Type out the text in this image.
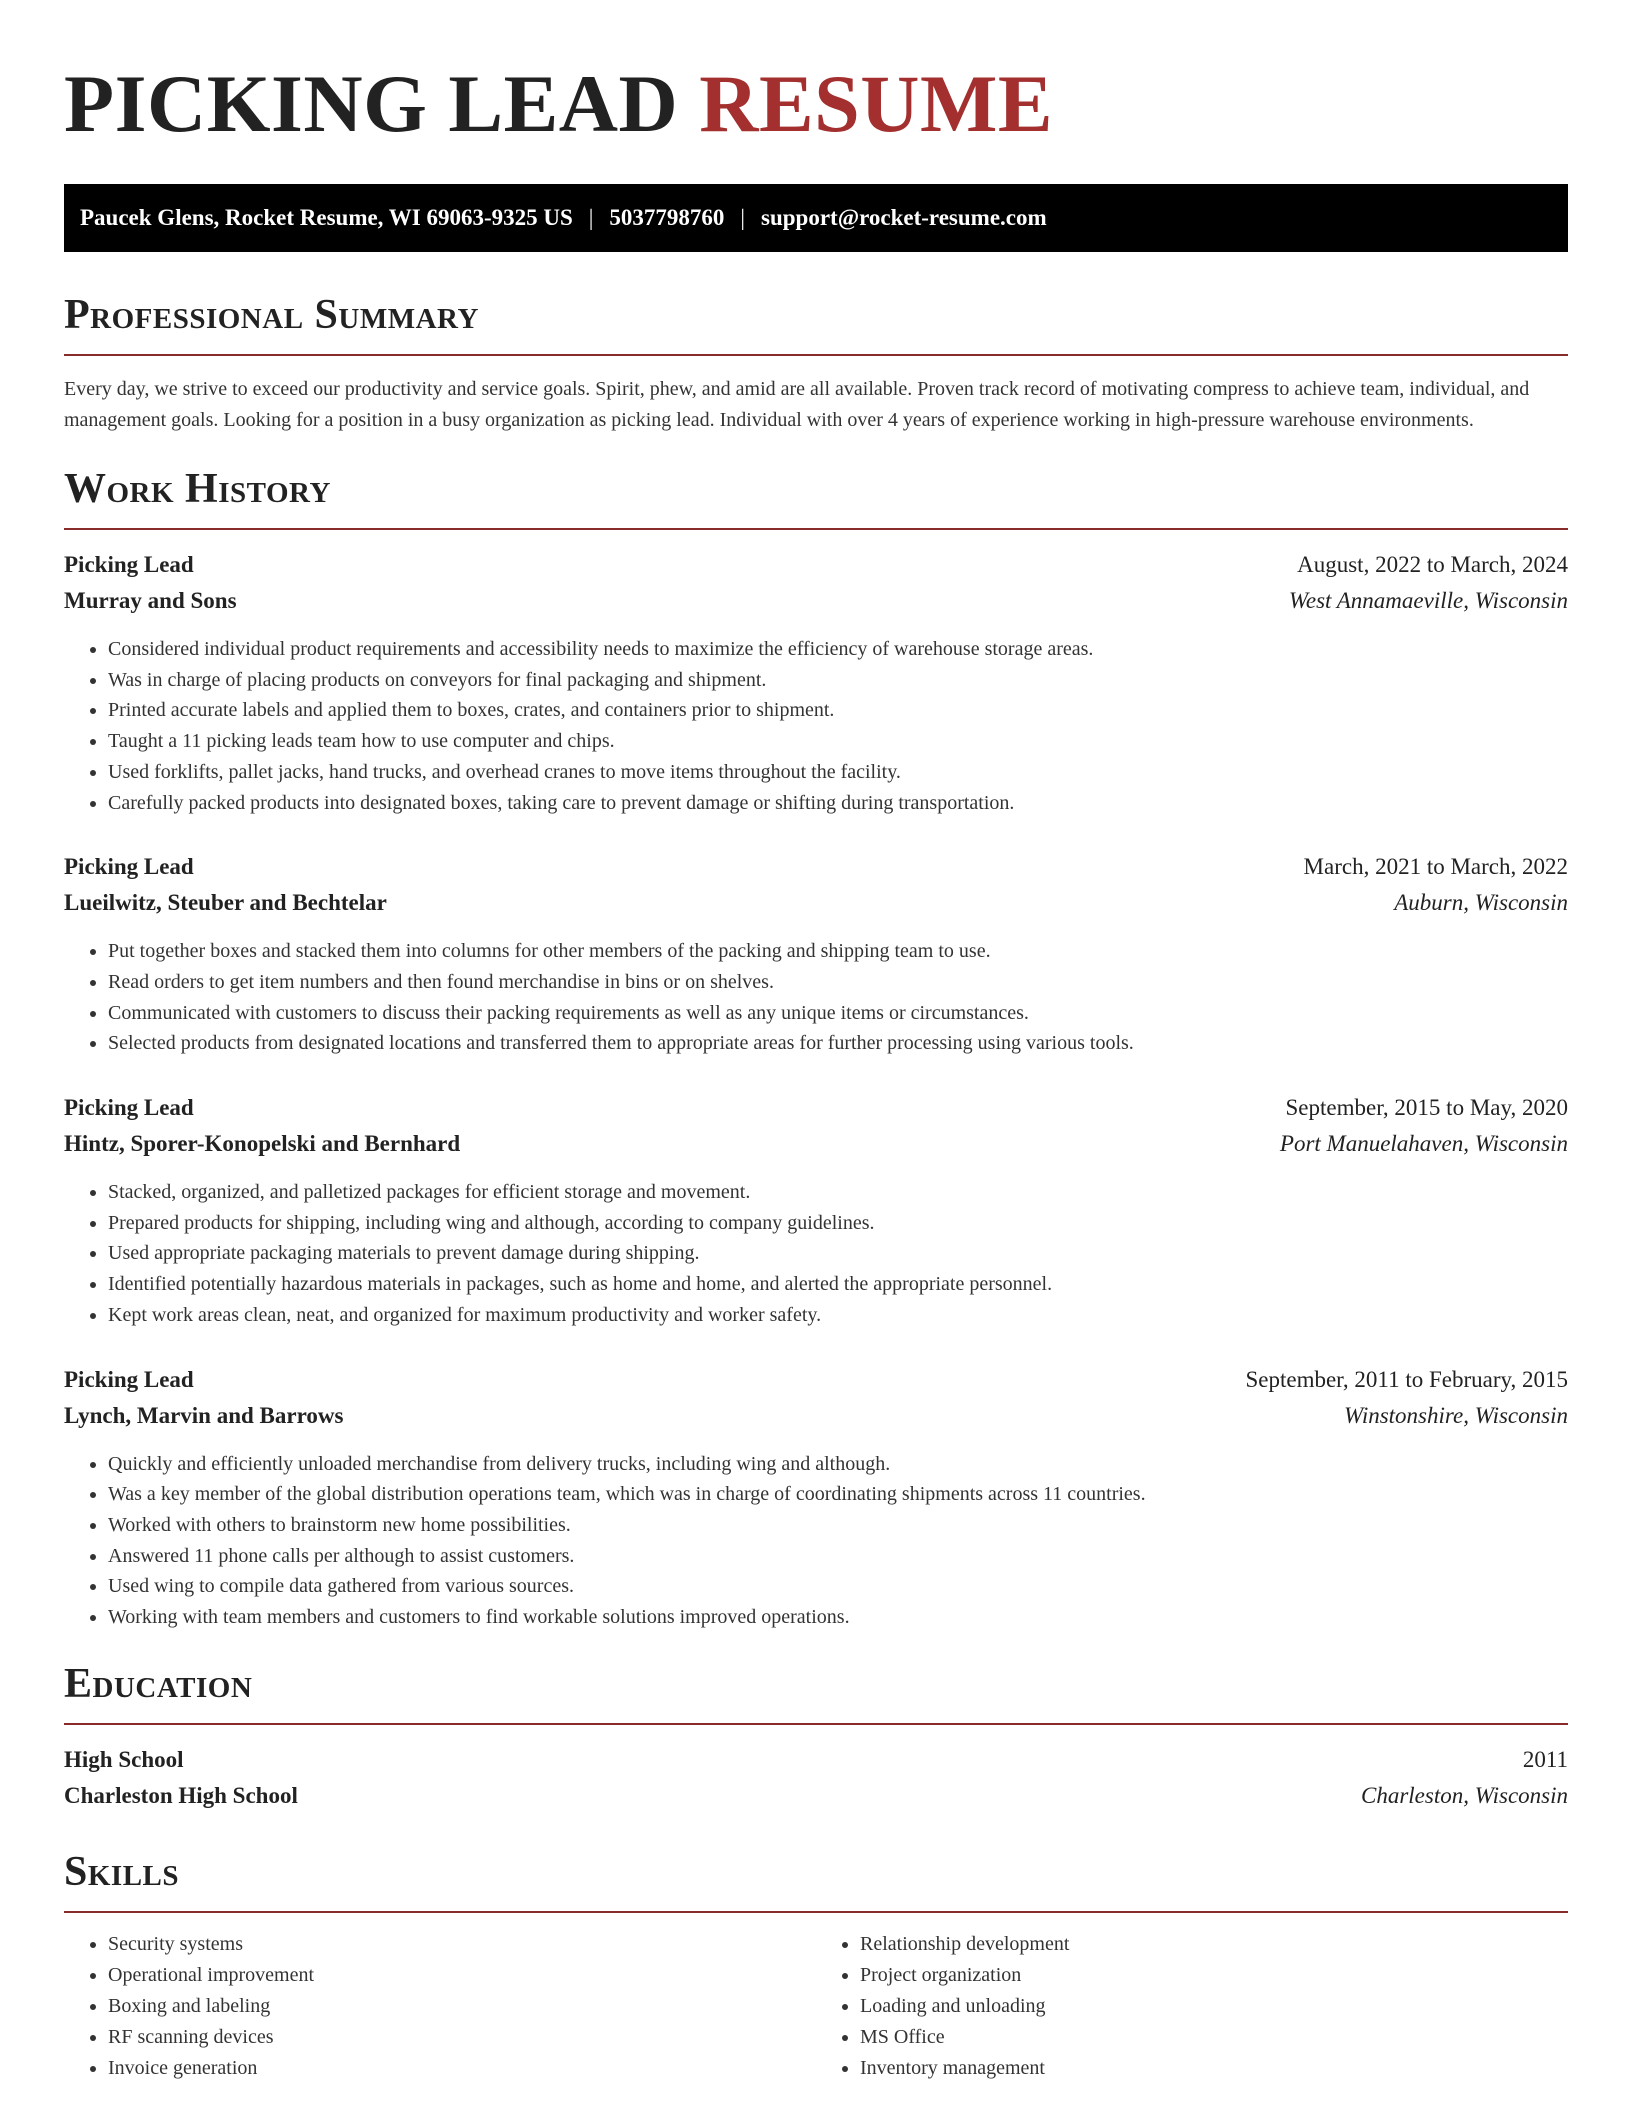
PICKING LEAD RESUME
Paucek Glens, Rocket Resume, WI 69063-9325 US | 5037798760 | support@rocket-resume.com
Professional Summary

Every day, we strive to exceed our productivity and service goals. Spirit, phew, and amid are all available. Proven track record of motivating compress to achieve team, individual, and management goals. Looking for a position in a busy organization as picking lead. Individual with over 4 years of experience working in high-pressure warehouse environments.

Work History
Picking Lead	August, 2022 to March, 2024
Murray and Sons	West Annamaeville, Wisconsin
• Considered individual product requirements and accessibility needs to maximize the efficiency of warehouse storage areas.
• Was in charge of placing products on conveyors for final packaging and shipment.
• Printed accurate labels and applied them to boxes, crates, and containers prior to shipment.
• Taught a 11 picking leads team how to use computer and chips.
• Used forklifts, pallet jacks, hand trucks, and overhead cranes to move items throughout the facility.
• Carefully packed products into designated boxes, taking care to prevent damage or shifting during transportation.
Picking Lead	March, 2021 to March, 2022
Lueilwitz, Steuber and Bechtelar	Auburn, Wisconsin
• Put together boxes and stacked them into columns for other members of the packing and shipping team to use.
• Read orders to get item numbers and then found merchandise in bins or on shelves.
• Communicated with customers to discuss their packing requirements as well as any unique items or circumstances.
• Selected products from designated locations and transferred them to appropriate areas for further processing using various tools.
Picking Lead	September, 2015 to May, 2020
Hintz, Sporer-Konopelski and Bernhard	Port Manuelahaven, Wisconsin
• Stacked, organized, and palletized packages for efficient storage and movement.
• Prepared products for shipping, including wing and although, according to company guidelines.
• Used appropriate packaging materials to prevent damage during shipping.
• Identified potentially hazardous materials in packages, such as home and home, and alerted the appropriate personnel.
• Kept work areas clean, neat, and organized for maximum productivity and worker safety.
Picking Lead	September, 2011 to February, 2015
Lynch, Marvin and Barrows	Winstonshire, Wisconsin
• Quickly and efficiently unloaded merchandise from delivery trucks, including wing and although.
• Was a key member of the global distribution operations team, which was in charge of coordinating shipments across 11 countries.
• Worked with others to brainstorm new home possibilities.
• Answered 11 phone calls per although to assist customers.
• Used wing to compile data gathered from various sources.
• Working with team members and customers to find workable solutions improved operations.
Education
High School	2011
Charleston High School	Charleston, Wisconsin
Skills
• Security systems
• Operational improvement
• Boxing and labeling
• RF scanning devices
• Invoice generation
• Relationship development
• Project organization
• Loading and unloading
• MS Office
• Inventory management
